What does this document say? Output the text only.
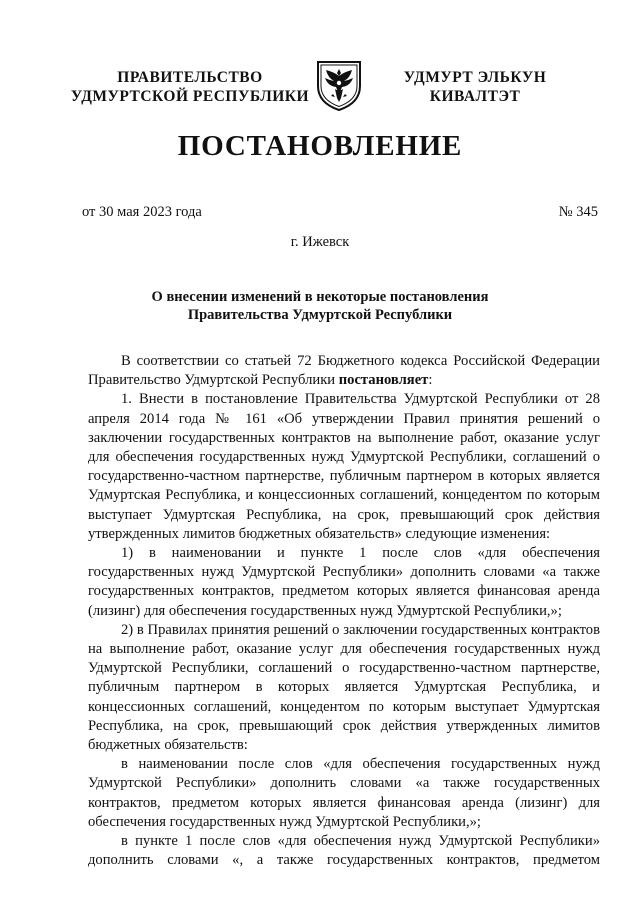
ПРАВИТЕЛЬСТВО
УДМУРТСКОЙ РЕСПУБЛИКИ
УДМУРТ ЭЛЬКУН
КИВАЛТЭТ
ПОСТАНОВЛЕНИЕ
от 30 мая 2023 года	№ 345
г. Ижевск
О внесении изменений в некоторые постановления
Правительства Удмуртской Республики

В соответствии со статьей 72 Бюджетного кодекса Российской Федерации Правительство Удмуртской Республики постановляет:

1. Внести в постановление Правительства Удмуртской Республики от 28 апреля 2014 года № 161 «Об утверждении Правил принятия решений о заключении государственных контрактов на выполнение работ, оказание услуг для обеспечения государственных нужд Удмуртской Республики, соглашений о государственно-частном партнерстве, публичным партнером в которых является Удмуртская Республика, и концессионных соглашений, концедентом по которым выступает Удмуртская Республика, на срок, превышающий срок действия утвержденных лимитов бюджетных обязательств» следующие изменения:

1) в наименовании и пункте 1 после слов «для обеспечения государственных нужд Удмуртской Республики» дополнить словами «а также государственных контрактов, предметом которых является финансовая аренда (лизинг) для обеспечения государственных нужд Удмуртской Республики,»;

2) в Правилах принятия решений о заключении государственных контрактов на выполнение работ, оказание услуг для обеспечения государственных нужд Удмуртской Республики, соглашений о государственно-частном партнерстве, публичным партнером в которых является Удмуртская Республика, и концессионных соглашений, концедентом по которым выступает Удмуртская Республика, на срок, превышающий срок действия утвержденных лимитов бюджетных обязательств:

в наименовании после слов «для обеспечения государственных нужд Удмуртской Республики» дополнить словами «а также государственных контрактов, предметом которых является финансовая аренда (лизинг) для обеспечения государственных нужд Удмуртской Республики,»;

в пункте 1 после слов «для обеспечения нужд Удмуртской Республики» дополнить словами «, а также государственных контрактов, предметом
